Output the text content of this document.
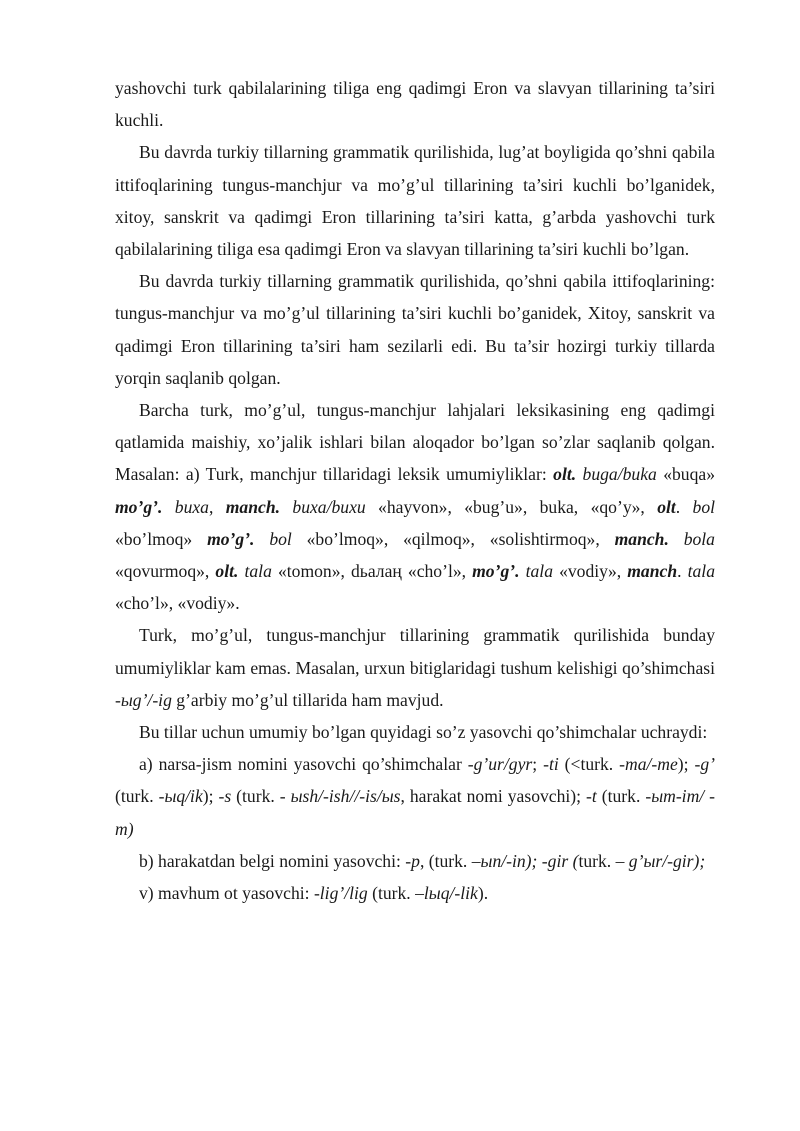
yashovchi turk qabilalarining tiliga eng qadimgi Eron va slavyan tillarining ta’siri kuchli.

Bu davrda turkiy tillarning grammatik qurilishida, lug’at boyligida qo’shni qabila ittifoqlarining tungus-manchjur va mo’g’ul tillarining ta’siri kuchli bo’lganidek, xitoy, sanskrit va qadimgi Eron tillarining ta’siri katta, g’arbda yashovchi turk qabilalarining tiliga esa qadimgi Eron va slavyan tillarining ta’siri kuchli bo’lgan.

Bu davrda turkiy tillarning grammatik qurilishida, qo’shni qabila ittifoqlarining: tungus-manchjur va mo’g’ul tillarining ta’siri kuchli bo’ganidek, Xitoy, sanskrit va qadimgi Eron tillarining ta’siri ham sezilarli edi. Bu ta’sir hozirgi turkiy tillarda yorqin saqlanib qolgan.

Barcha turk, mo’g’ul, tungus-manchjur lahjalari leksikasining eng qadimgi qatlamida maishiy, xo’jalik ishlari bilan aloqador bo’lgan so’zlar saqlanib qolgan. Masalan: a) Turk, manchjur tillaridagi leksik umumiyliklar: olt. buga/buka «buqa» mo’g’. buxa, manch. buxa/buxu «hayvon», «bug’u», buka, «qo’y», olt. bol «bo’lmoq» mo’g’. bol «bo’lmoq», «qilmoq», «solishtirmoq», manch. bola «qovurmoq», olt. tala «tomon», dьалаң «cho’l», mo’g’. tala «vodiy», manch. tala «cho’l», «vodiy».

Turk, mo’g’ul, tungus-manchjur tillarining grammatik qurilishida bunday umumiyliklar kam emas. Masalan, urxun bitiglaridagi tushum kelishigi qo’shimchasi -ыg’/-ig g’arbiy mo’g’ul tillarida ham mavjud.

Bu tillar uchun umumiy bo’lgan quyidagi so’z yasovchi qo’shimchalar uchraydi:

a) narsa-jism nomini yasovchi qo’shimchalar -g’ur/gyr; -ti (<turk. -ma/-me); -g’ (turk. -ыq/ik); -s (turk. - ыsh/-ish//-is/ыs, harakat nomi yasovchi); -t (turk. -ыm-im/ -m)

b) harakatdan belgi nomini yasovchi: -p, (turk. –ыn/-in); -gir (turk. – g’ыr/-gir);

v) mavhum ot yasovchi: -lig’/lig (turk. –lыq/-lik).
